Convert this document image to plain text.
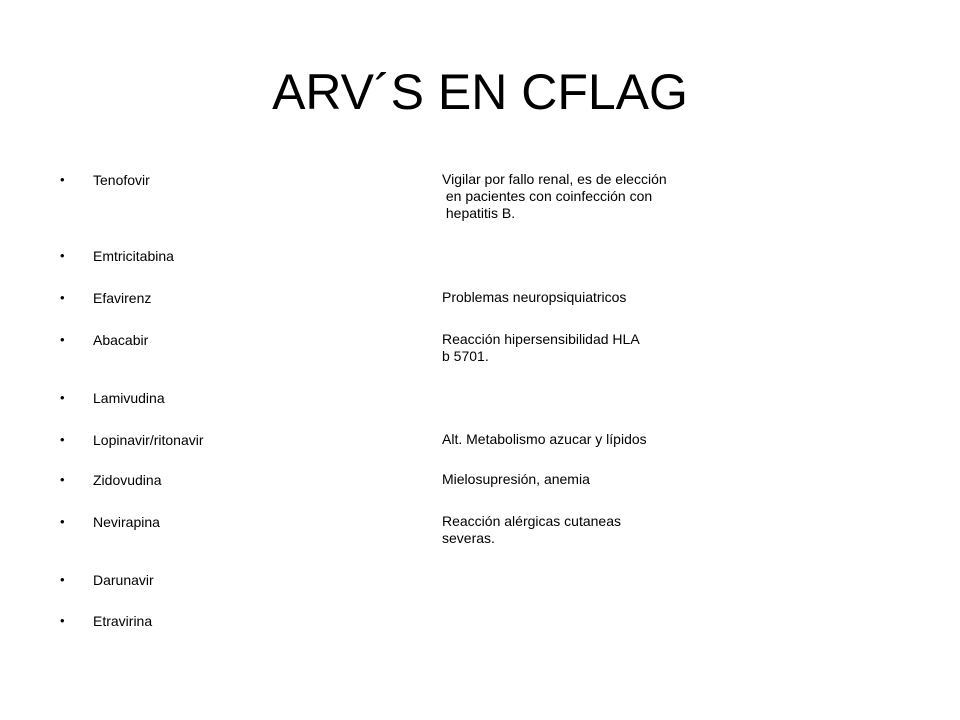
ARV´S EN CFLAG
• Tenofovir	Vigilar por fallo renal, es de elección
en pacientes con coinfección con
hepatitis B.
• Emtricitabina
• Efavirenz	Problemas neuropsiquiatricos
• Abacabir	Reacción hipersensibilidad HLA
b 5701.
• Lamivudina
• Lopinavir/ritonavir	Alt. Metabolismo azucar y lípidos
• Zidovudina	Mielosupresión, anemia
• Nevirapina	Reacción alérgicas cutaneas
severas.
• Darunavir
• Etravirina
